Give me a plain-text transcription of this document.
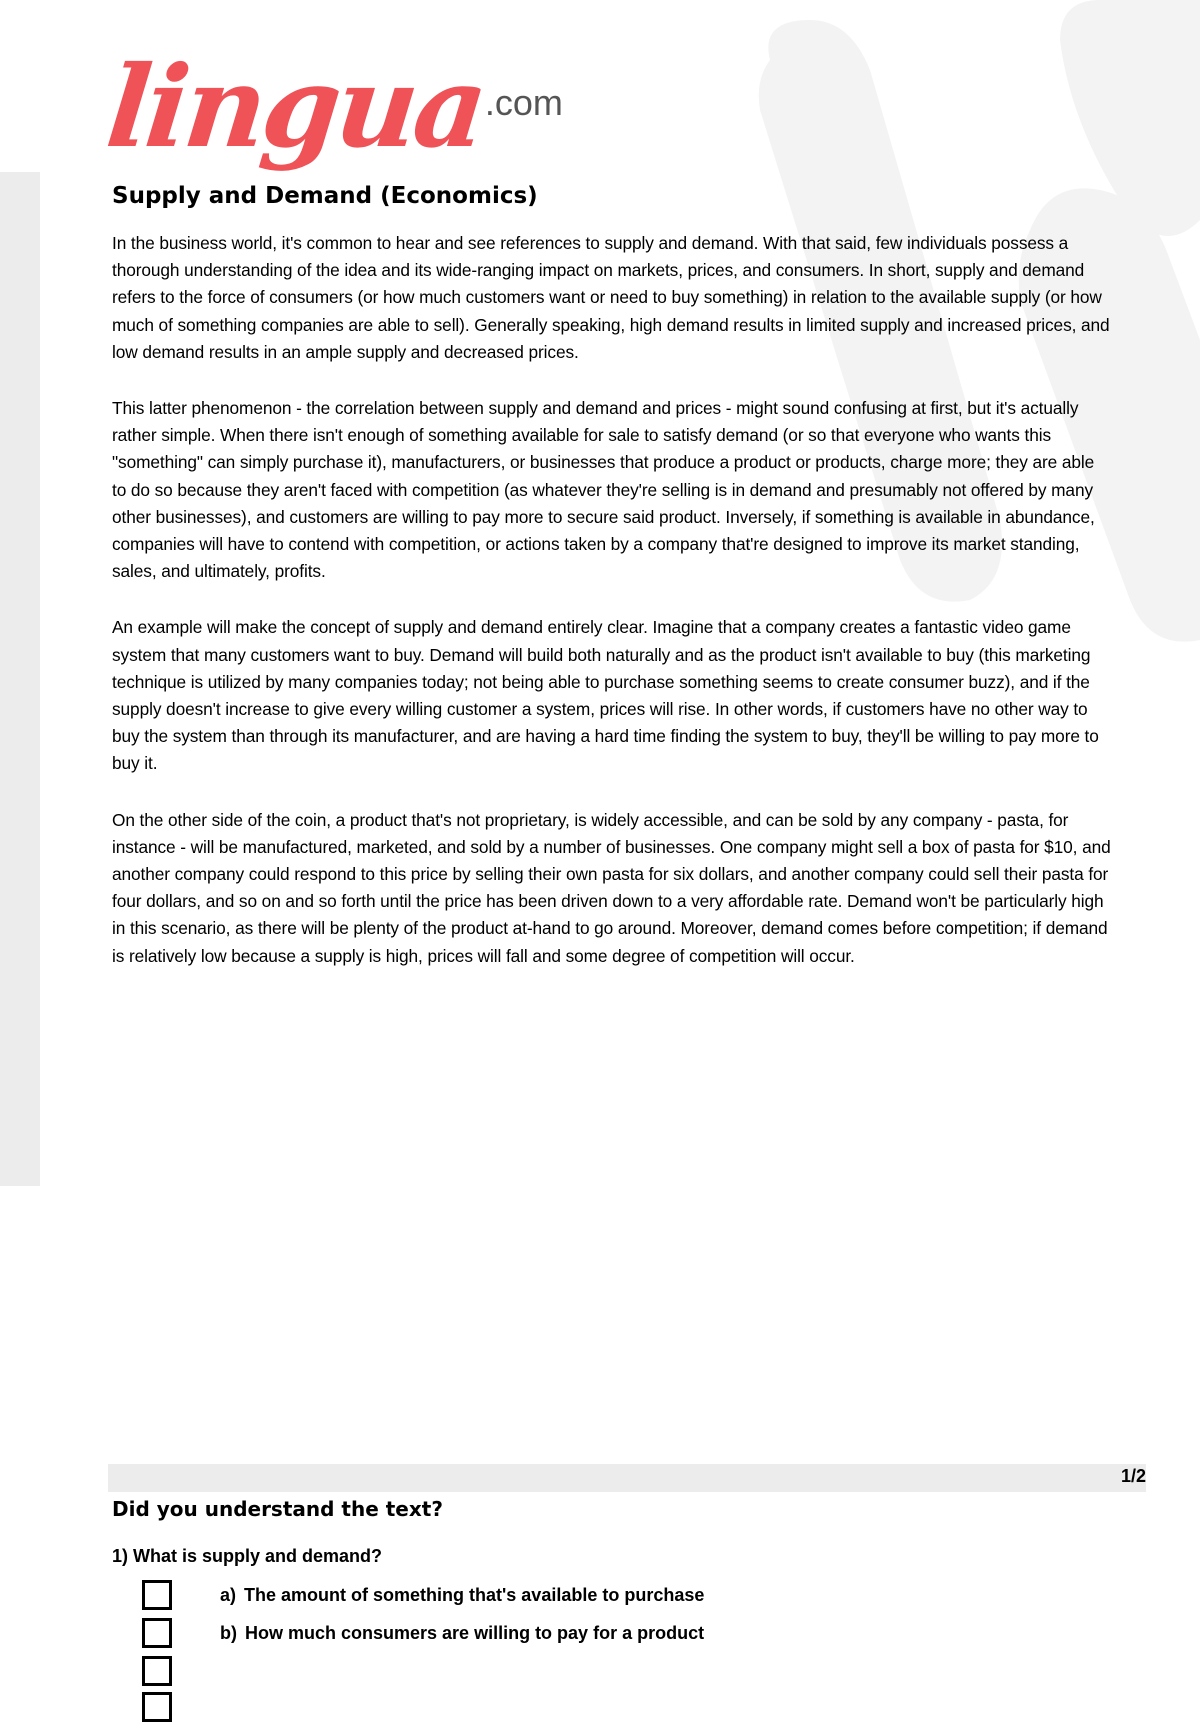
lingua
.com
Supply and Demand (Economics)

In the business world, it's common to hear and see references to supply and demand. With that said, few individuals possess a thorough understanding of the idea and its wide-ranging impact on markets, prices, and consumers. In short, supply and demand refers to the force of consumers (or how much customers want or need to buy something) in relation to the available supply (or how much of something companies are able to sell). Generally speaking, high demand results in limited supply and increased prices, and low demand results in an ample supply and decreased prices.

This latter phenomenon - the correlation between supply and demand and prices - might sound confusing at first, but it's actually rather simple. When there isn't enough of something available for sale to satisfy demand (or so that everyone who wants this "something" can simply purchase it), manufacturers, or businesses that produce a product or products, charge more; they are able to do so because they aren't faced with competition (as whatever they're selling is in demand and presumably not offered by many other businesses), and customers are willing to pay more to secure said product. Inversely, if something is available in abundance, companies will have to contend with competition, or actions taken by a company that're designed to improve its market standing, sales, and ultimately, profits.

An example will make the concept of supply and demand entirely clear. Imagine that a company creates a fantastic video game system that many customers want to buy. Demand will build both naturally and as the product isn't available to buy (this marketing technique is utilized by many companies today; not being able to purchase something seems to create consumer buzz), and if the supply doesn't increase to give every willing customer a system, prices will rise. In other words, if customers have no other way to buy the system than through its manufacturer, and are having a hard time finding the system to buy, they'll be willing to pay more to buy it.

On the other side of the coin, a product that's not proprietary, is widely accessible, and can be sold by any company - pasta, for instance - will be manufactured, marketed, and sold by a number of businesses. One company might sell a box of pasta for $10, and another company could respond to this price by selling their own pasta for six dollars, and another company could sell their pasta for four dollars, and so on and so forth until the price has been driven down to a very affordable rate. Demand won't be particularly high in this scenario, as there will be plenty of the product at-hand to go around. Moreover, demand comes before competition; if demand is relatively low because a supply is high, prices will fall and some degree of competition will occur.

1/2
Did you understand the text?
1) What is supply and demand?
a) The amount of something that's available to purchase
b) How much consumers are willing to pay for a product
